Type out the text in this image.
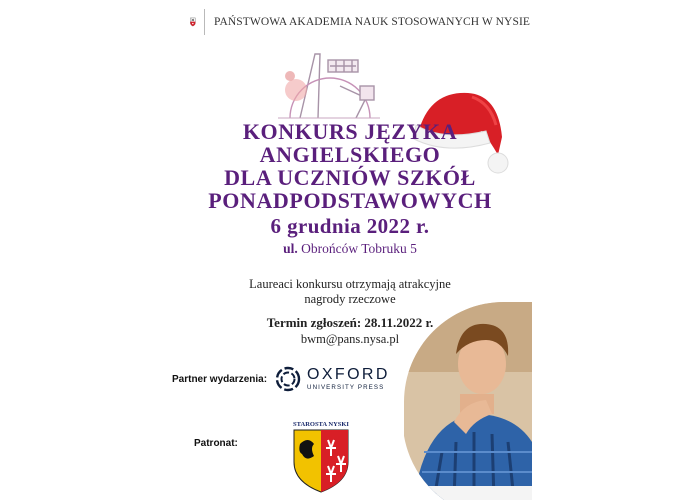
PAŃSTWOWA AKADEMIA NAUK STOSOWANYCH W NYSIE
KONKURS JĘZYKA
ANGIELSKIEGO
DLA UCZNIÓW SZKÓŁ
PONADPODSTAWOWYCH
6 grudnia 2022 r.
ul. Obrońców Tobruku 5
Laureaci konkursu otrzymają atrakcyjne
nagrody rzeczowe
Termin zgłoszeń: 28.11.2022 r.
bwm@pans.nysa.pl
Partner wydarzenia: OXFORD
UNIVERSITY PRESS
Patronat:
STAROSTA NYSKI
